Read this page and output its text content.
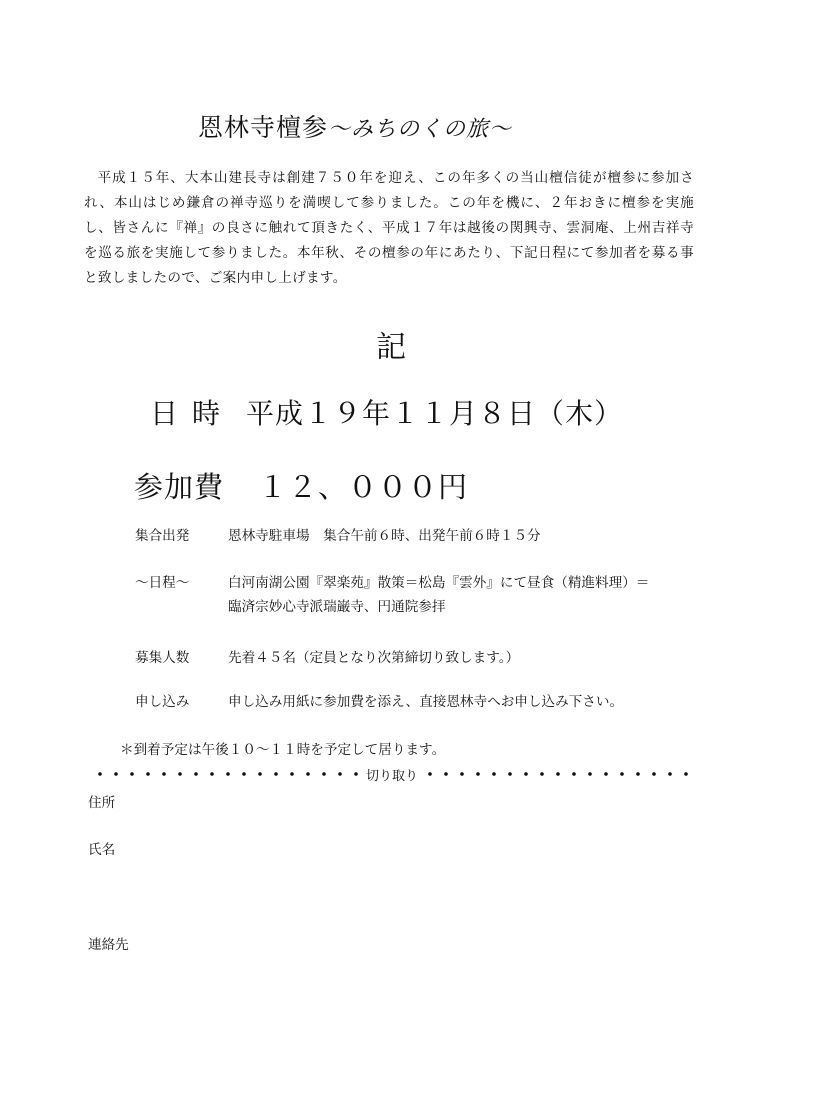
恩林寺檀参～みちのくの旅～
平成１５年、大本山建長寺は創建７５０年を迎え、この年多くの当山檀信徒が檀参に参加され、本山はじめ鎌倉の禅寺巡りを満喫して参りました。この年を機に、２年おきに檀参を実施し、皆さんに『禅』の良さに触れて頂きたく、平成１７年は越後の関興寺、雲洞庵、上州吉祥寺を巡る旅を実施して参りました。本年秋、その檀参の年にあたり、下記日程にて参加者を募る事と致しましたので、ご案内申し上げます。
記
日時 平成１９年１１月８日（木）
参加費 １２、０００円
集合出発	恩林寺駐車場　集合午前６時、出発午前６時１５分
～日程～	白河南湖公園『翠楽苑』散策＝松島『雲外』にて昼食（精進料理）＝
臨済宗妙心寺派瑞巌寺、円通院参拝
募集人数	先着４５名（定員となり次第締切り致します。）
申し込み	申し込み用紙に参加費を添え、直接恩林寺へお申し込み下さい。
＊到着予定は午後１０～１１時を予定して居ります。
切り取り
住所
氏名
連絡先
